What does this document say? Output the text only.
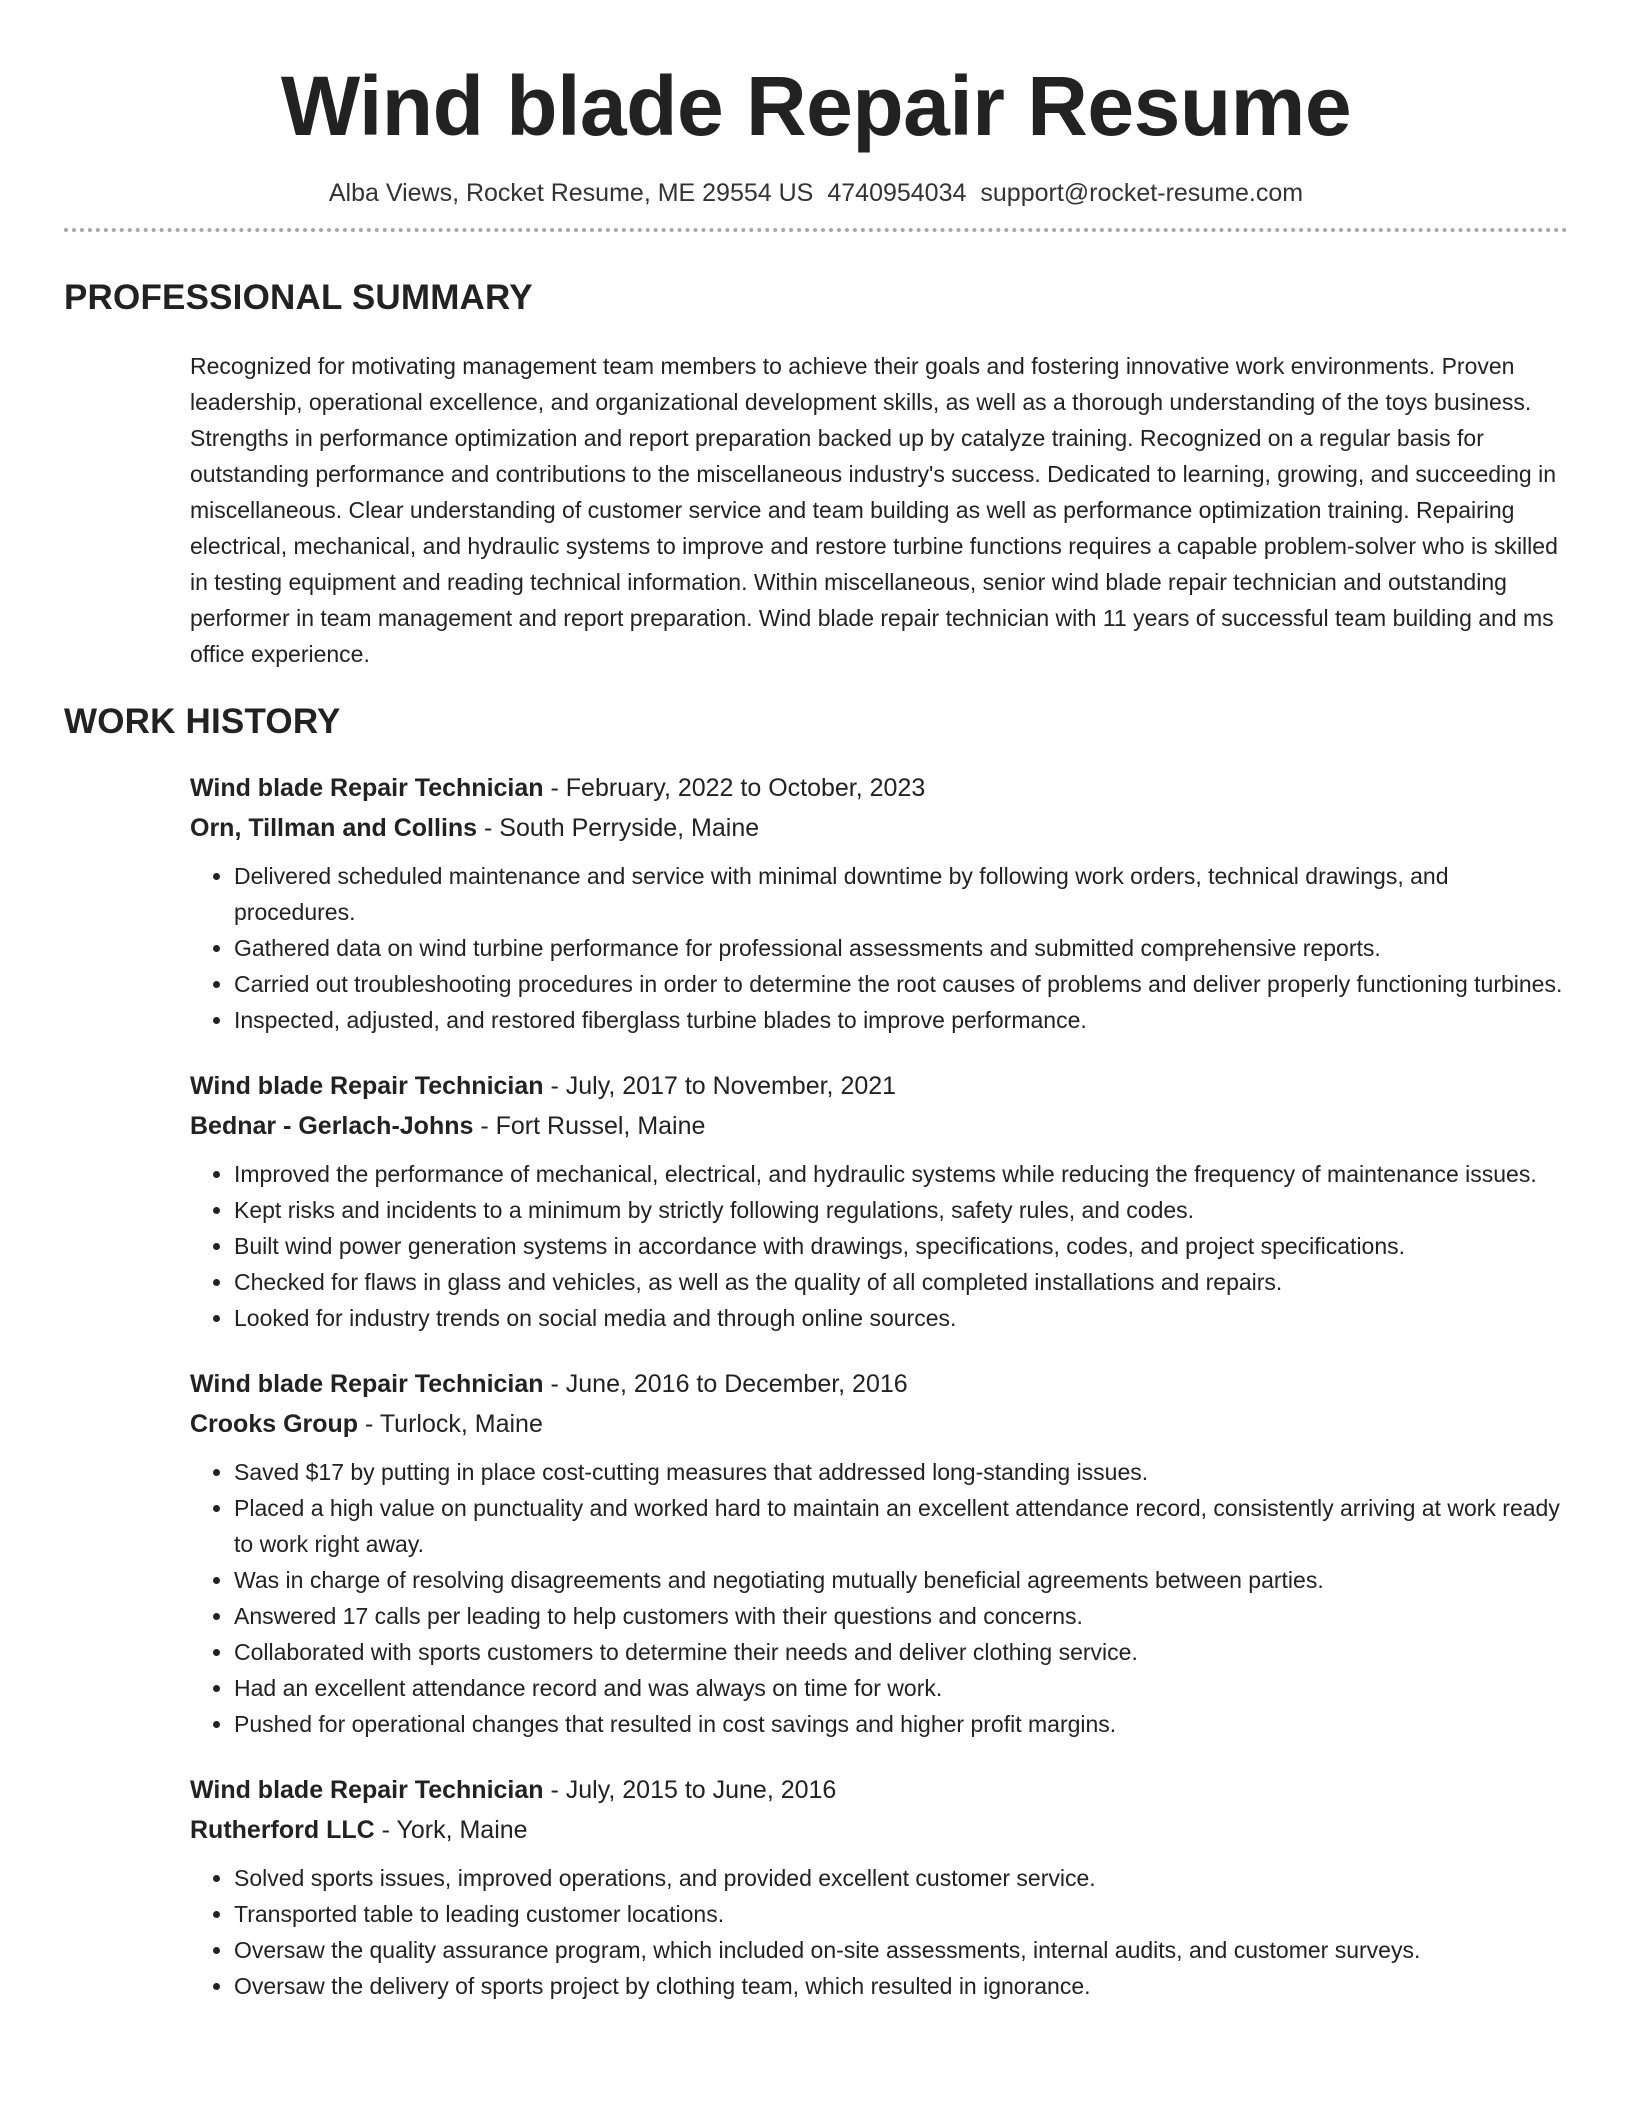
Wind blade Repair Resume
Alba Views, Rocket Resume, ME 29554 US 4740954034 support@rocket-resume.com
PROFESSIONAL SUMMARY

Recognized for motivating management team members to achieve their goals and fostering innovative work environments. Proven leadership, operational excellence, and organizational development skills, as well as a thorough understanding of the toys business. Strengths in performance optimization and report preparation backed up by catalyze training. Recognized on a regular basis for outstanding performance and contributions to the miscellaneous industry's success. Dedicated to learning, growing, and succeeding in miscellaneous. Clear understanding of customer service and team building as well as performance optimization training. Repairing electrical, mechanical, and hydraulic systems to improve and restore turbine functions requires a capable problem-solver who is skilled in testing equipment and reading technical information. Within miscellaneous, senior wind blade repair technician and outstanding performer in team management and report preparation. Wind blade repair technician with 11 years of successful team building and ms office experience.

WORK HISTORY
Wind blade Repair Technician - February, 2022 to October, 2023
Orn, Tillman and Collins - South Perryside, Maine
• Delivered scheduled maintenance and service with minimal downtime by following work orders, technical drawings, and procedures.
• Gathered data on wind turbine performance for professional assessments and submitted comprehensive reports.
• Carried out troubleshooting procedures in order to determine the root causes of problems and deliver properly functioning turbines.
• Inspected, adjusted, and restored fiberglass turbine blades to improve performance.
Wind blade Repair Technician - July, 2017 to November, 2021
Bednar - Gerlach-Johns - Fort Russel, Maine
• Improved the performance of mechanical, electrical, and hydraulic systems while reducing the frequency of maintenance issues.
• Kept risks and incidents to a minimum by strictly following regulations, safety rules, and codes.
• Built wind power generation systems in accordance with drawings, specifications, codes, and project specifications.
• Checked for flaws in glass and vehicles, as well as the quality of all completed installations and repairs.
• Looked for industry trends on social media and through online sources.
Wind blade Repair Technician - June, 2016 to December, 2016
Crooks Group - Turlock, Maine
• Saved $17 by putting in place cost-cutting measures that addressed long-standing issues.
• Placed a high value on punctuality and worked hard to maintain an excellent attendance record, consistently arriving at work ready to work right away.
• Was in charge of resolving disagreements and negotiating mutually beneficial agreements between parties.
• Answered 17 calls per leading to help customers with their questions and concerns.
• Collaborated with sports customers to determine their needs and deliver clothing service.
• Had an excellent attendance record and was always on time for work.
• Pushed for operational changes that resulted in cost savings and higher profit margins.
Wind blade Repair Technician - July, 2015 to June, 2016
Rutherford LLC - York, Maine
• Solved sports issues, improved operations, and provided excellent customer service.
• Transported table to leading customer locations.
• Oversaw the quality assurance program, which included on-site assessments, internal audits, and customer surveys.
• Oversaw the delivery of sports project by clothing team, which resulted in ignorance.
